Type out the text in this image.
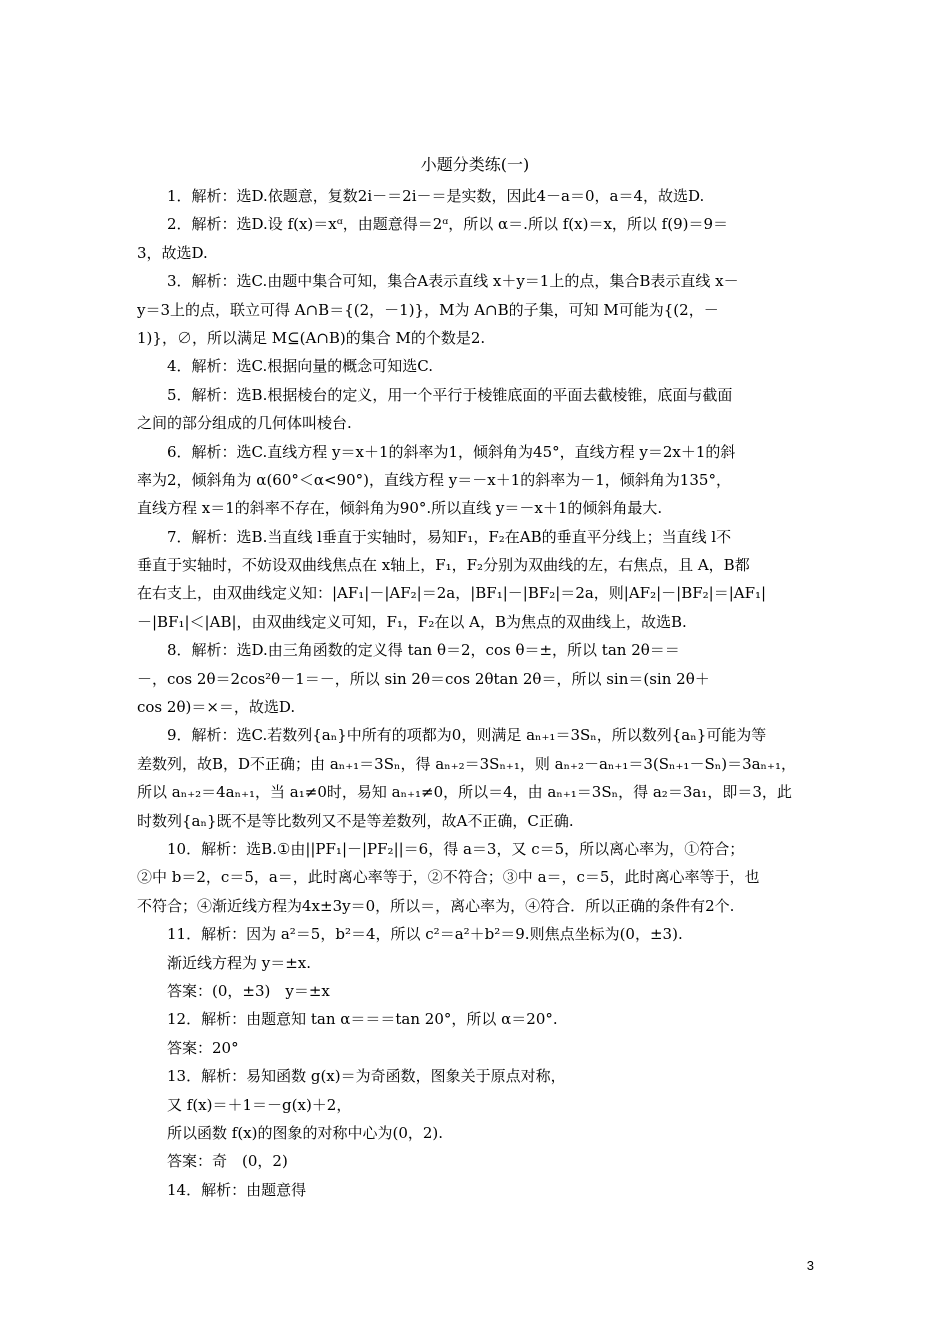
小题分类练(一)
1．解析：选D.依题意，复数2i－＝2i－＝是实数，因此4－a＝0，a＝4，故选D.
2．解析：选D.设 f(x)＝xᵅ，由题意得＝2ᵅ，所以 α＝.所以 f(x)＝x，所以 f(9)＝9＝
3，故选D.
3．解析：选C.由题中集合可知，集合A表示直线 x＋y＝1上的点，集合B表示直线 x－
y＝3上的点，联立可得 A∩B＝{(2，－1)}，M为 A∩B的子集，可知 M可能为{(2，－
1)}，∅，所以满足 M⊆(A∩B)的集合 M的个数是2.
4．解析：选C.根据向量的概念可知选C.
5．解析：选B.根据棱台的定义，用一个平行于棱锥底面的平面去截棱锥，底面与截面
之间的部分组成的几何体叫棱台.
6．解析：选C.直线方程 y＝x＋1的斜率为1，倾斜角为45°，直线方程 y＝2x＋1的斜
率为2，倾斜角为 α(60°＜α<90°)，直线方程 y＝－x＋1的斜率为－1，倾斜角为135°，
直线方程 x＝1的斜率不存在，倾斜角为90°.所以直线 y＝－x＋1的倾斜角最大.
7．解析：选B.当直线 l垂直于实轴时，易知F₁，F₂在AB的垂直平分线上；当直线 l不
垂直于实轴时，不妨设双曲线焦点在 x轴上，F₁，F₂分别为双曲线的左，右焦点，且 A，B都
在右支上，由双曲线定义知：|AF₁|－|AF₂|＝2a，|BF₁|－|BF₂|＝2a，则|AF₂|－|BF₂|＝|AF₁|
－|BF₁|＜|AB|，由双曲线定义可知，F₁，F₂在以 A，B为焦点的双曲线上，故选B.
8．解析：选D.由三角函数的定义得 tan θ＝2，cos θ＝±，所以 tan 2θ＝＝
－，cos 2θ＝2cos²θ－1＝－，所以 sin 2θ＝cos 2θtan 2θ＝，所以 sin＝(sin 2θ＋
cos 2θ)＝×＝，故选D.
9．解析：选C.若数列{aₙ}中所有的项都为0，则满足 aₙ₊₁＝3Sₙ，所以数列{aₙ}可能为等
差数列，故B，D不正确；由 aₙ₊₁＝3Sₙ，得 aₙ₊₂＝3Sₙ₊₁，则 aₙ₊₂－aₙ₊₁＝3(Sₙ₊₁－Sₙ)＝3aₙ₊₁，
所以 aₙ₊₂＝4aₙ₊₁，当 a₁≠0时，易知 aₙ₊₁≠0，所以＝4，由 aₙ₊₁＝3Sₙ，得 a₂＝3a₁，即＝3，此
时数列{aₙ}既不是等比数列又不是等差数列，故A不正确，C正确.
10．解析：选B.①由||PF₁|－|PF₂||＝6，得 a＝3，又 c＝5，所以离心率为，①符合；
②中 b＝2，c＝5，a＝，此时离心率等于，②不符合；③中 a＝，c＝5，此时离心率等于，也
不符合；④渐近线方程为4x±3y＝0，所以＝，离心率为，④符合．所以正确的条件有2个.
11．解析：因为 a²＝5，b²＝4，所以 c²＝a²＋b²＝9.则焦点坐标为(0，±3).
渐近线方程为 y＝±x.
答案：(0，±3)　y＝±x
12．解析：由题意知 tan α＝＝＝tan 20°，所以 α＝20°.
答案：20°
13．解析：易知函数 g(x)＝为奇函数，图象关于原点对称，
又 f(x)＝＋1＝－g(x)＋2，
所以函数 f(x)的图象的对称中心为(0，2).
答案：奇　(0，2)
14．解析：由题意得
3
